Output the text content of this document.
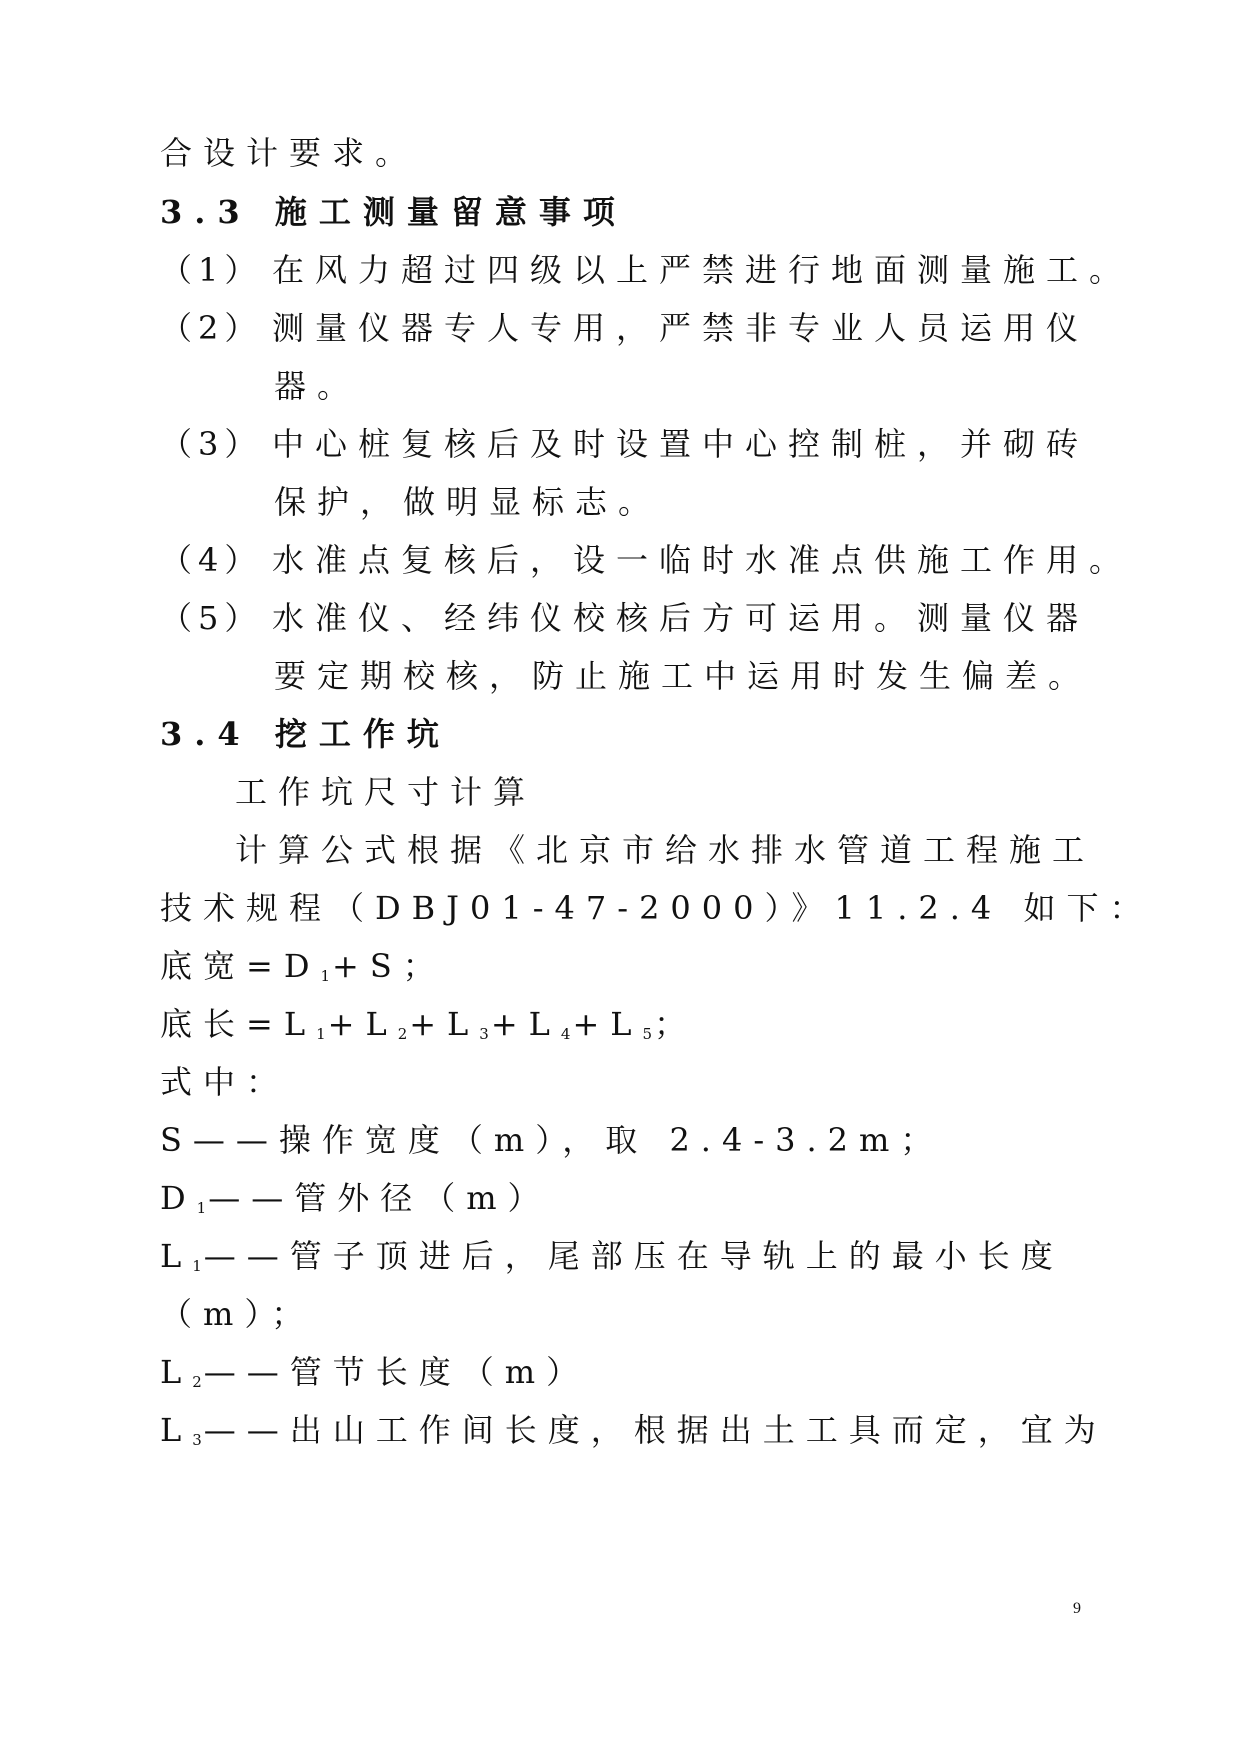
合设计要求。
3.3 施工测量留意事项
（1） 在风力超过四级以上严禁进行地面测量施工。
（2） 测量仪器专人专用，严禁非专业人员运用仪
器。
（3） 中心桩复核后及时设置中心控制桩，并砌砖
保护，做明显标志。
（4） 水准点复核后，设一临时水准点供施工作用。
（5） 水准仪、经纬仪校核后方可运用。测量仪器
要定期校核，防止施工中运用时发生偏差。
3.4 挖工作坑
工作坑尺寸计算
计算公式根据《北京市给水排水管道工程施工
技术规程（DBJ01-47-2000）》11.2.4 如下：
底宽$=D_1+S$；
底长$=L_1+L_2+L_3+L_4+L_5$；
式中：
S——操作宽度（m），取 2.4-3.2m；
$D_1——$管外径（m）
$L_1——$管子顶进后，尾部压在导轨上的最小长度
（m）；
$L_2——$管节长度（m）
$L_3——$出山工作间长度，根据出土工具而定，宜为
9
